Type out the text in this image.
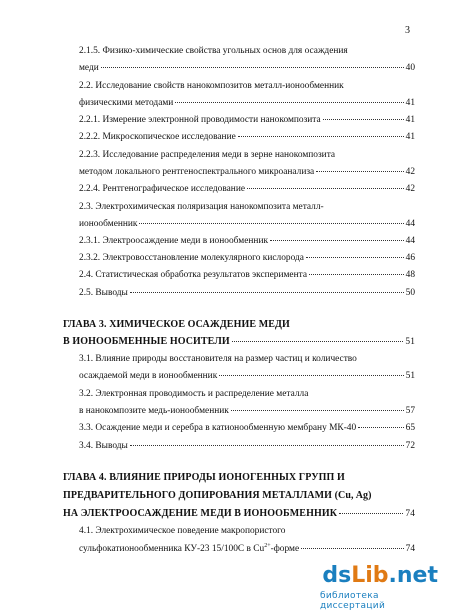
3
2.1.5. Физико-химические свойства угольных основ для осаждения
меди	40
2.2. Исследование свойств нанокомпозитов металл-ионообменник
физическими методами	41
2.2.1. Измерение электронной проводимости нанокомпозита	41
2.2.2. Микроскопическое исследование	41
2.2.3. Исследование распределения меди в зерне нанокомпозита
методом локального рентгеноспектрального микроанализа	42
2.2.4. Рентгенографическое исследование	42
2.3. Электрохимическая поляризация нанокомпозита металл-
ионообменник	44
2.3.1. Электроосаждение меди в ионообменник	44
2.3.2. Электровосстановление молекулярного кислорода	46
2.4. Статистическая обработка результатов эксперимента	48
2.5. Выводы	50
ГЛАВА 3. ХИМИЧЕСКОЕ ОСАЖДЕНИЕ МЕДИ
В ИОНООБМЕННЫЕ НОСИТЕЛИ	51
3.1. Влияние природы восстановителя на размер частиц и количество
осаждаемой меди в ионообменник	51
3.2. Электронная проводимость и распределение металла
в нанокомпозите медь-ионообменник	57
3.3. Осаждение меди и серебра в катионообменную мембрану МК-40	65
3.4. Выводы	72
ГЛАВА 4. ВЛИЯНИЕ ПРИРОДЫ ИОНОГЕННЫХ ГРУПП И
ПРЕДВАРИТЕЛЬНОГО ДОПИРОВАНИЯ МЕТАЛЛАМИ (Cu, Ag)
НА ЭЛЕКТРООСАЖДЕНИЕ МЕДИ В ИОНООБМЕННИК	74
4.1. Электрохимическое поведение макропористого
сульфокатионообменника КУ-23 15/100С в $Cu^{2+}$-форме	74
dsLib.net
библиотека диссертаций
